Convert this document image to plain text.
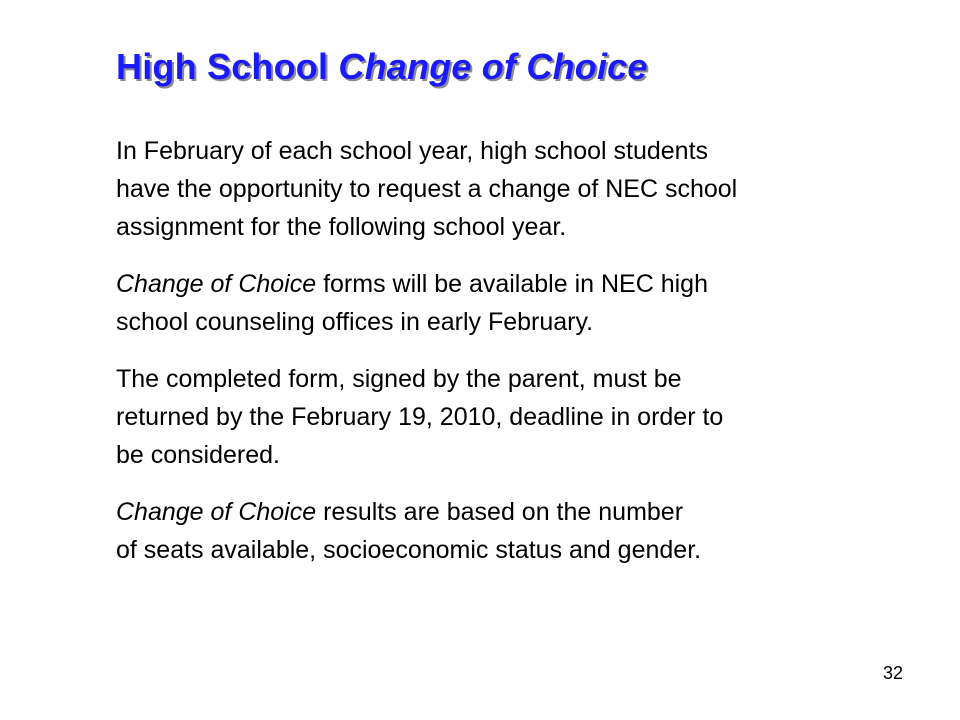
High School Change of Choice

In February of each school year, high school students
have the opportunity to request a change of NEC school
assignment for the following school year.

Change of Choice forms will be available in NEC high
school counseling offices in early February.

The completed form, signed by the parent, must be
returned by the February 19, 2010, deadline in order to
be considered.

Change of Choice results are based on the number
of seats available, socioeconomic status and gender.

32
